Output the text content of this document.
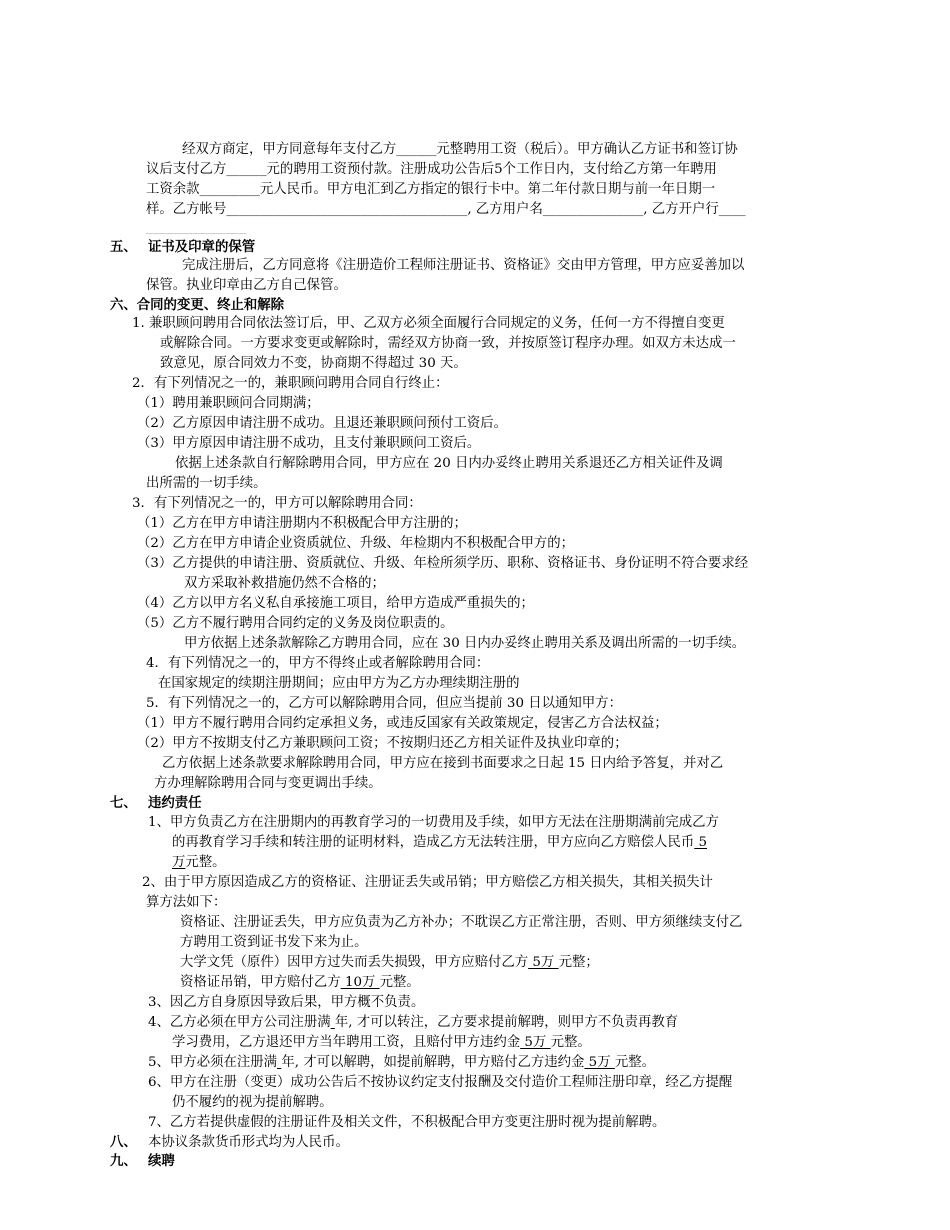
经双方商定，甲方同意每年支付乙方______元整聘用工资（税后）。甲方确认乙方证书和签订协
议后支付乙方______元的聘用工资预付款。注册成功公告后5个工作日内，支付给乙方第一年聘用
工资余款_________元人民币。甲方电汇到乙方指定的银行卡中。第二年付款日期与前一年日期一
样。乙方帐号____________________________________, 乙方用户名_______________, 乙方开户行____
_______________
五、 证书及印章的保管
完成注册后，乙方同意将《注册造价工程师注册证书、资格证》交由甲方管理，甲方应妥善加以
保管。执业印章由乙方自己保管。
六、合同的变更、终止和解除
1. 兼职顾问聘用合同依法签订后，甲、乙双方必须全面履行合同规定的义务，任何一方不得擅自变更
或解除合同。一方要求变更或解除时，需经双方协商一致，并按原签订程序办理。如双方未达成一
致意见，原合同效力不变，协商期不得超过 30 天。
2．有下列情况之一的，兼职顾问聘用合同自行终止：
（1）聘用兼职顾问合同期满；
（2）乙方原因申请注册不成功。且退还兼职顾问预付工资后。
（3）甲方原因申请注册不成功，且支付兼职顾问工资后。
依据上述条款自行解除聘用合同，甲方应在 20 日内办妥终止聘用关系退还乙方相关证件及调
出所需的一切手续。
3．有下列情况之一的，甲方可以解除聘用合同：
（1）乙方在甲方申请注册期内不积极配合甲方注册的；
（2）乙方在甲方申请企业资质就位、升级、年检期内不积极配合甲方的；
（3）乙方提供的申请注册、资质就位、升级、年检所须学历、职称、资格证书、身份证明不符合要求经
双方采取补救措施仍然不合格的；
（4）乙方以甲方名义私自承接施工项目，给甲方造成严重损失的；
（5）乙方不履行聘用合同约定的义务及岗位职责的。
甲方依据上述条款解除乙方聘用合同，应在 30 日内办妥终止聘用关系及调出所需的一切手续。
4．有下列情况之一的，甲方不得终止或者解除聘用合同：
在国家规定的续期注册期间；应由甲方为乙方办理续期注册的
5．有下列情况之一的，乙方可以解除聘用合同，但应当提前 30 日以通知甲方：
（1）甲方不履行聘用合同约定承担义务，或违反国家有关政策规定，侵害乙方合法权益；
（2）甲方不按期支付乙方兼职顾问工资；不按期归还乙方相关证件及执业印章的；
乙方依据上述条款要求解除聘用合同，甲方应在接到书面要求之日起 15 日内给予答复，并对乙
方办理解除聘用合同与变更调出手续。
七、 违约责任
1、甲方负责乙方在注册期内的再教育学习的一切费用及手续，如甲方无法在注册期满前完成乙方
的再教育学习手续和转注册的证明材料，造成乙方无法转注册，甲方应向乙方赔偿人民币 5
万元整。
2、由于甲方原因造成乙方的资格证、注册证丢失或吊销；甲方赔偿乙方相关损失，其相关损失计
算方法如下：
资格证、注册证丢失，甲方应负责为乙方补办；不耽误乙方正常注册，否则、甲方须继续支付乙
方聘用工资到证书发下来为止。
大学文凭（原件）因甲方过失而丢失损毁，甲方应赔付乙方 5万 元整；
资格证吊销，甲方赔付乙方 10万 元整。
3、因乙方自身原因导致后果，甲方概不负责。
4、乙方必须在甲方公司注册满 年, 才可以转注，乙方要求提前解聘，则甲方不负责再教育
学习费用，乙方退还甲方当年聘用工资，且赔付甲方违约金 5万 元整。
5、甲方必须在注册满 年, 才可以解聘，如提前解聘，甲方赔付乙方违约金 5万 元整。
6、甲方在注册（变更）成功公告后不按协议约定支付报酬及交付造价工程师注册印章，经乙方提醒
仍不履约的视为提前解聘。
7、乙方若提供虚假的注册证件及相关文件，不积极配合甲方变更注册时视为提前解聘。
八、 本协议条款货币形式均为人民币。
九、 续聘
